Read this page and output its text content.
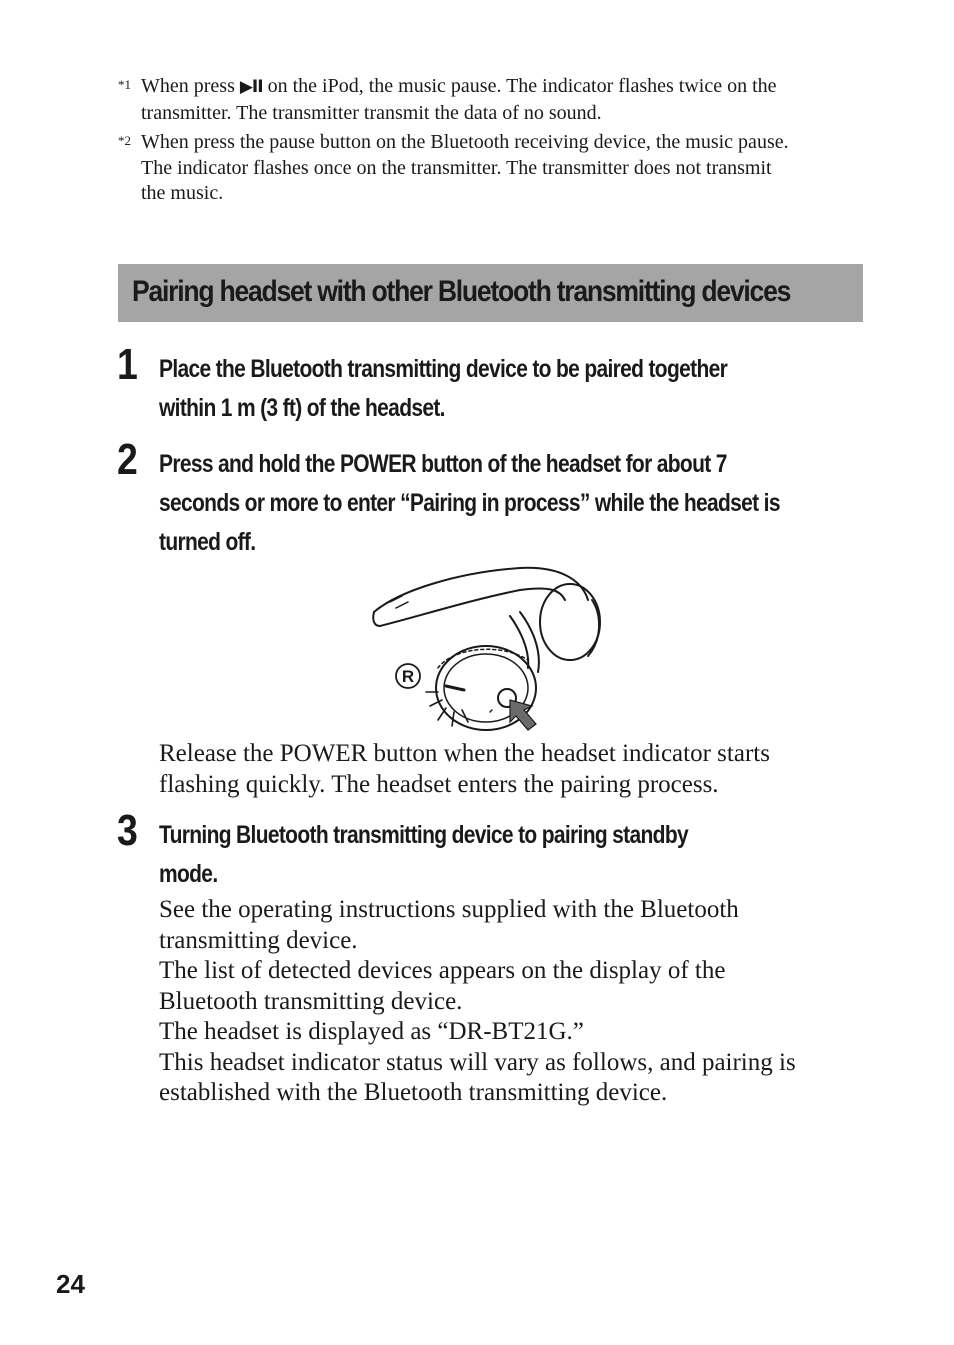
*1 When press ▶II on the iPod, the music pause. The indicator flashes twice on the
transmitter. The transmitter transmit the data of no sound.
*2 When press the pause button on the Bluetooth receiving device, the music pause.
The indicator flashes once on the transmitter. The transmitter does not transmit
the music.
Pairing headset with other Bluetooth transmitting devices
1 Place the Bluetooth transmitting device to be paired together
within 1 m (3 ft) of the headset.
2 Press and hold the POWER button of the headset for about 7
seconds or more to enter “Pairing in process” while the headset is
turned off.
R

Release the POWER button when the headset indicator starts
flashing quickly. The headset enters the pairing process.

3 Turning Bluetooth transmitting device to pairing standby
mode.

See the operating instructions supplied with the Bluetooth
transmitting device.
The list of detected devices appears on the display of the
Bluetooth transmitting device.
The headset is displayed as “DR-BT21G.”
This headset indicator status will vary as follows, and pairing is
established with the Bluetooth transmitting device.

24
